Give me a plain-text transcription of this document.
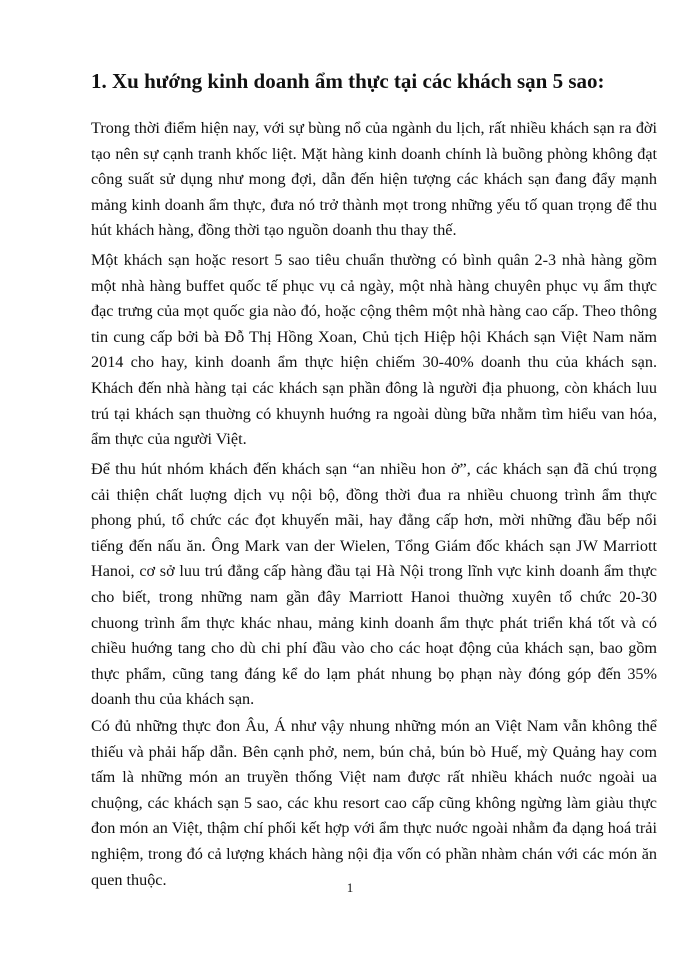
1. Xu hướng kinh doanh ẩm thực tại các khách sạn 5 sao:

Trong thời điểm hiện nay, với sự bùng nổ của ngành du lịch, rất nhiều khách sạn ra đời tạo nên sự cạnh tranh khốc liệt. Mặt hàng kinh doanh chính là buồng phòng không đạt công suất sử dụng như mong đợi, dẫn đến hiện tượng các khách sạn đang đẩy mạnh mảng kinh doanh ẩm thực, đưa nó trở thành mọt trong những yếu tố quan trọng để thu hút khách hàng, đồng thời tạo nguồn doanh thu thay thế.

Một khách sạn hoặc resort 5 sao tiêu chuẩn thường có bình quân 2-3 nhà hàng gồm một nhà hàng buffet quốc tế phục vụ cả ngày, một nhà hàng chuyên phục vụ ẩm thực đạc trưng của mọt quốc gia nào đó, hoặc cộng thêm một nhà hàng cao cấp. Theo thông tin cung cấp bởi bà Đỗ Thị Hồng Xoan, Chủ tịch Hiệp hội Khách sạn Việt Nam năm 2014 cho hay, kinh doanh ẩm thực hiện chiếm 30-40% doanh thu của khách sạn. Khách đến nhà hàng tại các khách sạn phần đông là người địa phuong, còn khách luu trú tại khách sạn thuờng có khuynh huớng ra ngoài dùng bữa nhằm tìm hiểu van hóa, ẩm thực của người Việt.

Để thu hút nhóm khách đến khách sạn “an nhiều hon ở”, các khách sạn đã chú trọng cải thiện chất luợng dịch vụ nội bộ, đồng thời đua ra nhiều chuong trình ẩm thực phong phú, tổ chức các đọt khuyến mãi, hay đẳng cấp hơn, mời những đầu bếp nổi tiếng đến nấu ăn. Ông Mark van der Wielen, Tổng Giám đốc khách sạn JW Marriott Hanoi, cơ sở luu trú đẳng cấp hàng đầu tại Hà Nội trong lĩnh vực kinh doanh ẩm thực cho biết, trong những nam gần đây Marriott Hanoi thuờng xuyên tổ chức 20-30 chuong trình ẩm thực khác nhau, mảng kinh doanh ẩm thực phát triển khá tốt và có chiều huớng tang cho dù chi phí đầu vào cho các hoạt động của khách sạn, bao gồm thực phẩm, cũng tang đáng kể do lạm phát nhung bọ phạn này đóng góp đến 35% doanh thu của khách sạn.

Có đủ những thực đon Âu, Á như vậy nhung những món an Việt Nam vẫn không thể thiếu và phải hấp dẫn. Bên cạnh phở, nem, bún chả, bún bò Huế, mỳ Quảng hay com tấm là những món an truyền thống Việt nam được rất nhiều khách nuớc ngoài ua chuộng, các khách sạn 5 sao, các khu resort cao cấp cũng không ngừng làm giàu thực đon món an Việt, thậm chí phối kết hợp với ẩm thực nuớc ngoài nhằm đa dạng hoá trải nghiệm, trong đó cả lượng khách hàng nội địa vốn có phần nhàm chán với các món ăn quen thuộc.	1
